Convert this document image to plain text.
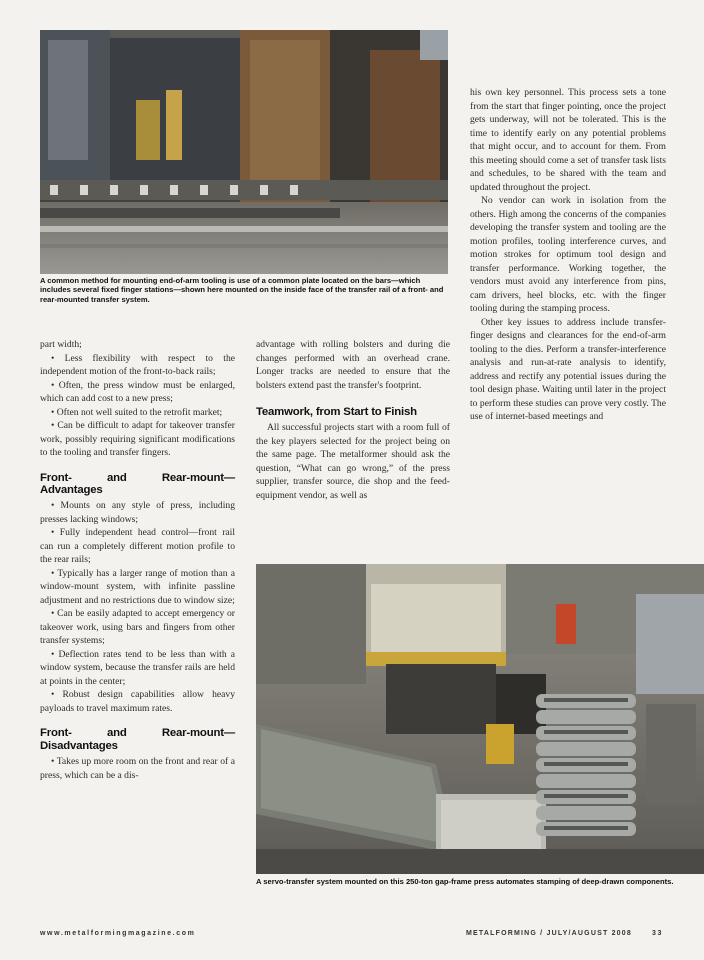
A common method for mounting end-of-arm tooling is use of a common plate located on the bars—which includes several fixed finger stations—shown here mounted on the inside face of the transfer rail of a front- and rear-mounted transfer system.

part width;

• Less flexibility with respect to the independent motion of the front-to-back rails;

• Often, the press window must be enlarged, which can add cost to a new press;

• Often not well suited to the retrofit market;

• Can be difficult to adapt for takeover transfer work, possibly requiring significant modifications to the tooling and transfer fingers.

Front- and Rear-mount— Advantages

• Mounts on any style of press, including presses lacking windows;

• Fully independent head control—front rail can run a completely different motion profile to the rear rails;

• Typically has a larger range of motion than a window-mount system, with infinite passline adjustment and no restrictions due to window size;

• Can be easily adapted to accept emergency or takeover work, using bars and fingers from other transfer systems;

• Deflection rates tend to be less than with a window system, because the transfer rails are held at points in the center;

• Robust design capabilities allow heavy payloads to travel maximum rates.

Front- and Rear-mount— Disadvantages

• Takes up more room on the front and rear of a press, which can be a dis-

advantage with rolling bolsters and during die changes performed with an overhead crane. Longer tracks are needed to ensure that the bolsters extend past the transfer's footprint.

Teamwork, from Start to Finish

All successful projects start with a room full of the key players selected for the project being on the same page. The metalformer should ask the question, “What can go wrong,” of the press supplier, transfer source, die shop and the feed-equipment vendor, as well as

his own key personnel. This process sets a tone from the start that finger pointing, once the project gets underway, will not be tolerated. This is the time to identify early on any potential problems that might occur, and to account for them. From this meeting should come a set of transfer task lists and schedules, to be shared with the team and updated throughout the project.

No vendor can work in isolation from the others. High among the concerns of the companies developing the transfer system and tooling are the motion profiles, tooling interference curves, and motion strokes for optimum tool design and transfer performance. Working together, the vendors must avoid any interference from pins, cam drivers, heel blocks, etc. with the finger tooling during the stamping process.

Other key issues to address include transfer-finger designs and clearances for the end-of-arm tooling to the dies. Perform a transfer-interference analysis and run-at-rate analysis to identify, address and rectify any potential issues during the tool design phase. Waiting until later in the project to perform these studies can prove very costly. The use of internet-based meetings and

A servo-transfer system mounted on this 250-ton gap-frame press automates stamping of deep-drawn components.
www.metalformingmagazine.com	METALFORMING / JULY/AUGUST 2008	33
